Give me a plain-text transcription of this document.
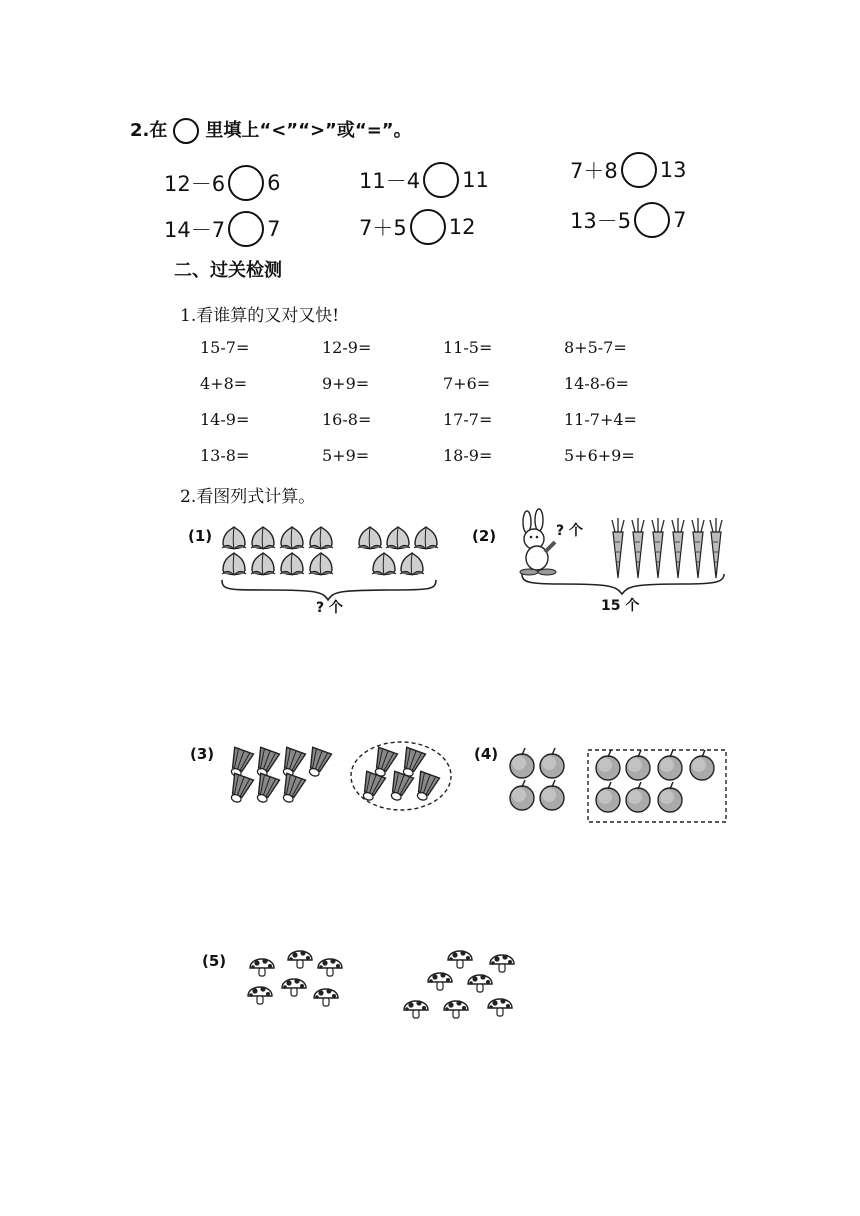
2.在 里填上“<”“>”或“=”。
12－6 6	11－4 11	7＋8 13
14－7 7	7＋5 12	13－5 7
二、过关检测
1.看谁算的又对又快!
15-7=	12-9=	11-5=	8+5-7=
4+8=	9+9=	7+6=	14-8-6=
14-9=	16-8=	17-7=	11-7+4=
13-8=	5+9=	18-9=	5+6+9=
2.看图列式计算。
(1)
? 个
(2)	? 个
15 个
(3)	(4)
(5)
